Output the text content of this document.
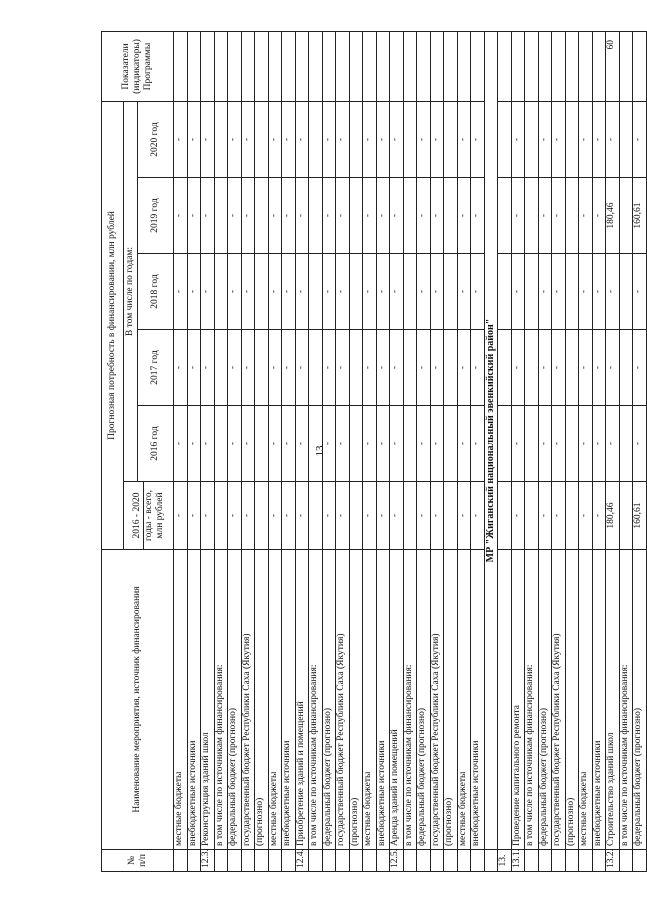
13
№ п/п	Наименование мероприятия, источник финансирования	Прогнозная потребность в финансировании, млн рублей						Показатели (индикаторы) Программы

		2016 - 2020 годы - всего, млн рублей	В том числе по годам:					
			2016 год	2017 год	2018 год	2019 год	2020 год	
	местные бюджеты	-	-	-	-	-	-	
	внебюджетные источники	-	-	-	-	-	-	
12.3.	Реконструкция зданий школ	-	-	-	-	-	-	
	в том числе по источникам финансирования:							
	федеральный бюджет (прогнозно)	-	-	-	-	-	-	
	государственный бюджет Республики Саха (Якутия)	-	-	-	-	-	-	
	(прогнозно)							
	местные бюджеты	-	-	-	-	-	-	
	внебюджетные источники	-	-	-	-	-	-	
12.4.	Приобретение зданий и помещений	-	-	-	-	-	-	
	в том числе по источникам финансирования:							
	федеральный бюджет (прогнозно)	-	-	-	-	-	-	
	государственный бюджет Республики Саха (Якутия)	-	-	-	-	-	-	
	(прогнозно)							
	местные бюджеты	-	-	-	-	-	-	
	внебюджетные источники	-	-	-	-	-	-	
12.5.	Аренда зданий и помещений	-	-	-	-	-	-	
	в том числе по источникам финансирования:							
	федеральный бюджет (прогнозно)	-	-	-	-	-	-	
	государственный бюджет Республики Саха (Якутия)	-	-	-	-	-	-	
	(прогнозно)							
	местные бюджеты	-	-	-	-	-	-	
	внебюджетные источники	-	-	-	-	-	-	
	МР "Жиганский национальный эвенкийский район"							
13.								
13.1.	Проведение капитального ремонта	-	-	-	-	-	-	
	в том числе по источникам финансирования:							
	федеральный бюджет (прогнозно)	-	-	-	-	-	-	
	государственный бюджет Республики Саха (Якутия)	-	-	-	-	-	-	
	(прогнозно)							
	местные бюджеты	-	-	-	-	-	-	
	внебюджетные источники	-	-	-	-	-	-	
13.2.	Строительство зданий школ	180,46	-	-	-	180,46	-	60
	в том числе по источникам финансирования:							
	федеральный бюджет (прогнозно)	160,61	-	-	-	160,61	-	
